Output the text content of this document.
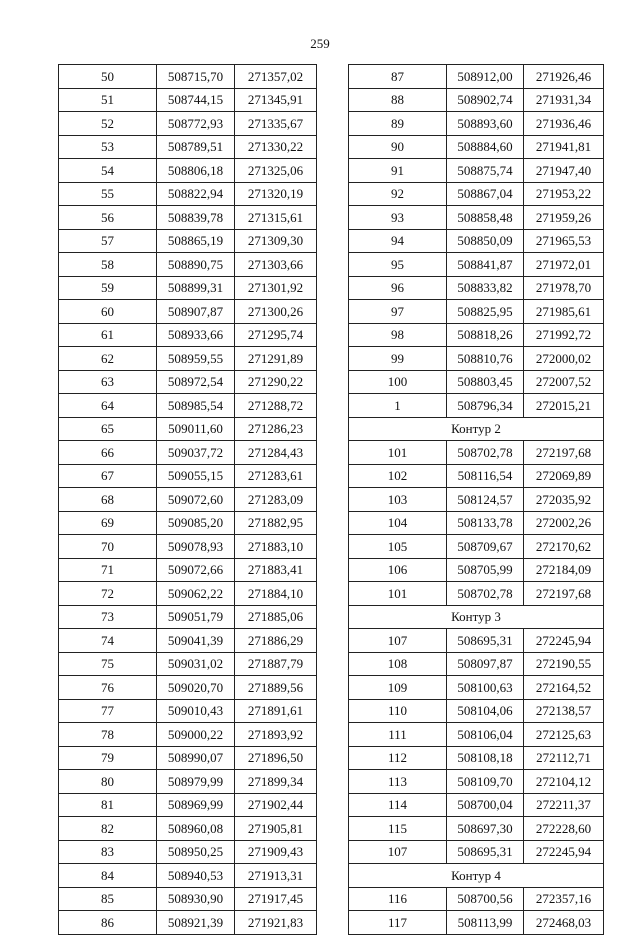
259
50	508715,70	271357,02
51	508744,15	271345,91
52	508772,93	271335,67
53	508789,51	271330,22
54	508806,18	271325,06
55	508822,94	271320,19
56	508839,78	271315,61
57	508865,19	271309,30
58	508890,75	271303,66
59	508899,31	271301,92
60	508907,87	271300,26
61	508933,66	271295,74
62	508959,55	271291,89
63	508972,54	271290,22
64	508985,54	271288,72
65	509011,60	271286,23
66	509037,72	271284,43
67	509055,15	271283,61
68	509072,60	271283,09
69	509085,20	271882,95
70	509078,93	271883,10
71	509072,66	271883,41
72	509062,22	271884,10
73	509051,79	271885,06
74	509041,39	271886,29
75	509031,02	271887,79
76	509020,70	271889,56
77	509010,43	271891,61
78	509000,22	271893,92
79	508990,07	271896,50
80	508979,99	271899,34
81	508969,99	271902,44
82	508960,08	271905,81
83	508950,25	271909,43
84	508940,53	271913,31
85	508930,90	271917,45
86	508921,39	271921,83
87	508912,00	271926,46
88	508902,74	271931,34
89	508893,60	271936,46
90	508884,60	271941,81
91	508875,74	271947,40
92	508867,04	271953,22
93	508858,48	271959,26
94	508850,09	271965,53
95	508841,87	271972,01
96	508833,82	271978,70
97	508825,95	271985,61
98	508818,26	271992,72
99	508810,76	272000,02
100	508803,45	272007,52
1	508796,34	272015,21
Контур 2		
101	508702,78	272197,68
102	508116,54	272069,89
103	508124,57	272035,92
104	508133,78	272002,26
105	508709,67	272170,62
106	508705,99	272184,09
101	508702,78	272197,68
Контур 3		
107	508695,31	272245,94
108	508097,87	272190,55
109	508100,63	272164,52
110	508104,06	272138,57
111	508106,04	272125,63
112	508108,18	272112,71
113	508109,70	272104,12
114	508700,04	272211,37
115	508697,30	272228,60
107	508695,31	272245,94
Контур 4		
116	508700,56	272357,16
117	508113,99	272468,03
